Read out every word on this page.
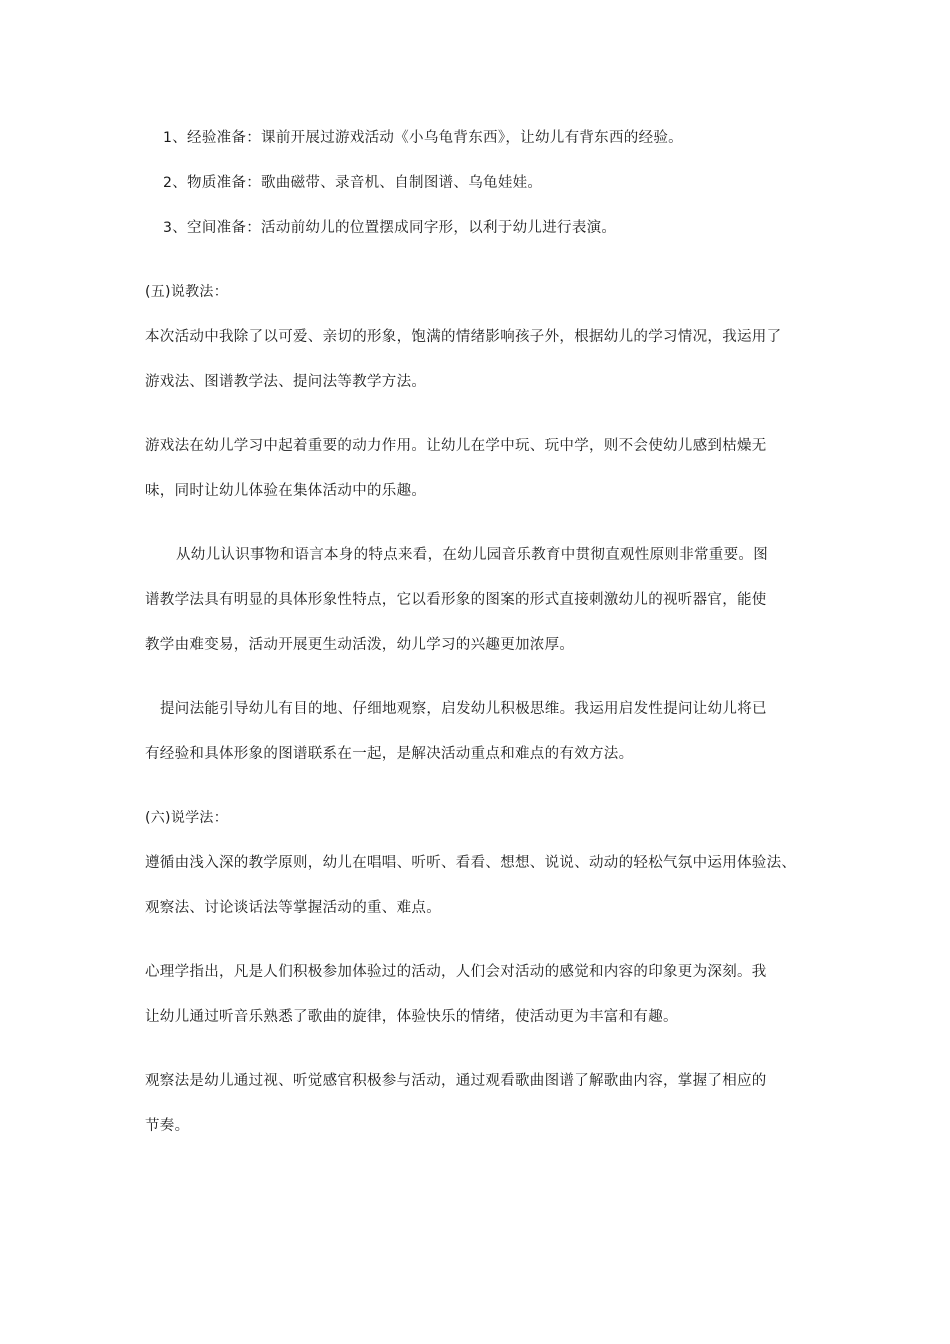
1、经验准备：课前开展过游戏活动《小乌龟背东西》，让幼儿有背东西的经验。
2、物质准备：歌曲磁带、录音机、自制图谱、乌龟娃娃。
3、空间准备：活动前幼儿的位置摆成同字形，以利于幼儿进行表演。
(五)说教法：
本次活动中我除了以可爱、亲切的形象，饱满的情绪影响孩子外，根据幼儿的学习情况，我运用了
游戏法、图谱教学法、提问法等教学方法。
游戏法在幼儿学习中起着重要的动力作用。让幼儿在学中玩、玩中学，则不会使幼儿感到枯燥无
味，同时让幼儿体验在集体活动中的乐趣。
从幼儿认识事物和语言本身的特点来看，在幼儿园音乐教育中贯彻直观性原则非常重要。图
谱教学法具有明显的具体形象性特点，它以看形象的图案的形式直接刺激幼儿的视听器官，能使
教学由难变易，活动开展更生动活泼，幼儿学习的兴趣更加浓厚。
提问法能引导幼儿有目的地、仔细地观察，启发幼儿积极思维。我运用启发性提问让幼儿将已
有经验和具体形象的图谱联系在一起，是解决活动重点和难点的有效方法。
(六)说学法：
遵循由浅入深的教学原则，幼儿在唱唱、听听、看看、想想、说说、动动的轻松气氛中运用体验法、
观察法、讨论谈话法等掌握活动的重、难点。
心理学指出，凡是人们积极参加体验过的活动，人们会对活动的感觉和内容的印象更为深刻。我
让幼儿通过听音乐熟悉了歌曲的旋律，体验快乐的情绪，使活动更为丰富和有趣。
观察法是幼儿通过视、听觉感官积极参与活动，通过观看歌曲图谱了解歌曲内容，掌握了相应的
节奏。
